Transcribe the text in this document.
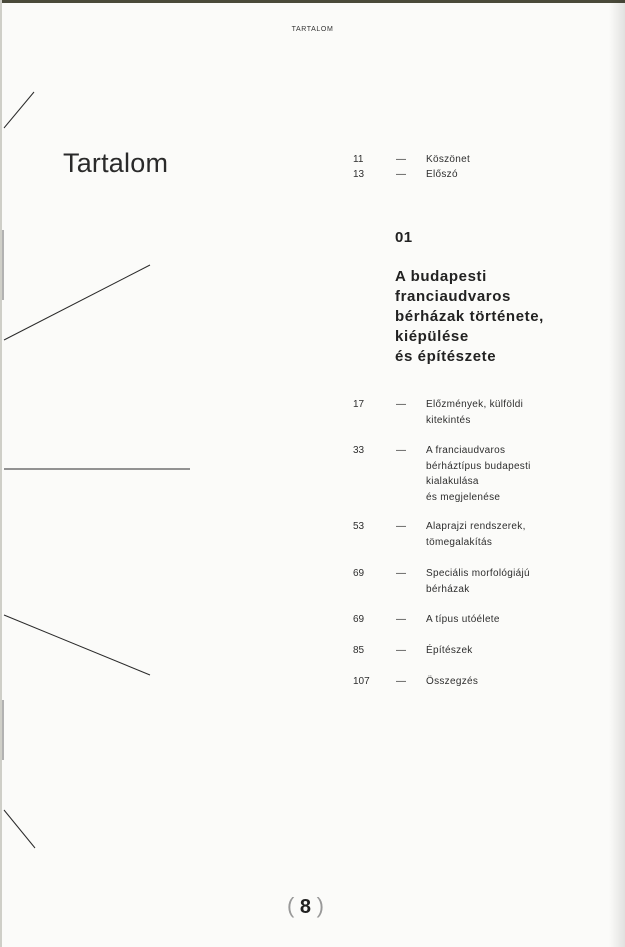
TARTALOM
Tartalom	11	— Köszönet
13	— Előszó
01
A budapesti
franciaudvaros
bérházak története,
kiépülése
és építészete
17	— Előzmények, külföldi
kitekintés
33	— A franciaudvaros
bérháztípus budapesti
kialakulása
és megjelenése
53	— Alaprajzi rendszerek,
tömegalakítás
69	— Speciális morfológiájú
bérházak
69	— A típus utóélete
85	— Építészek
107	— Összegzés
( 8 )
